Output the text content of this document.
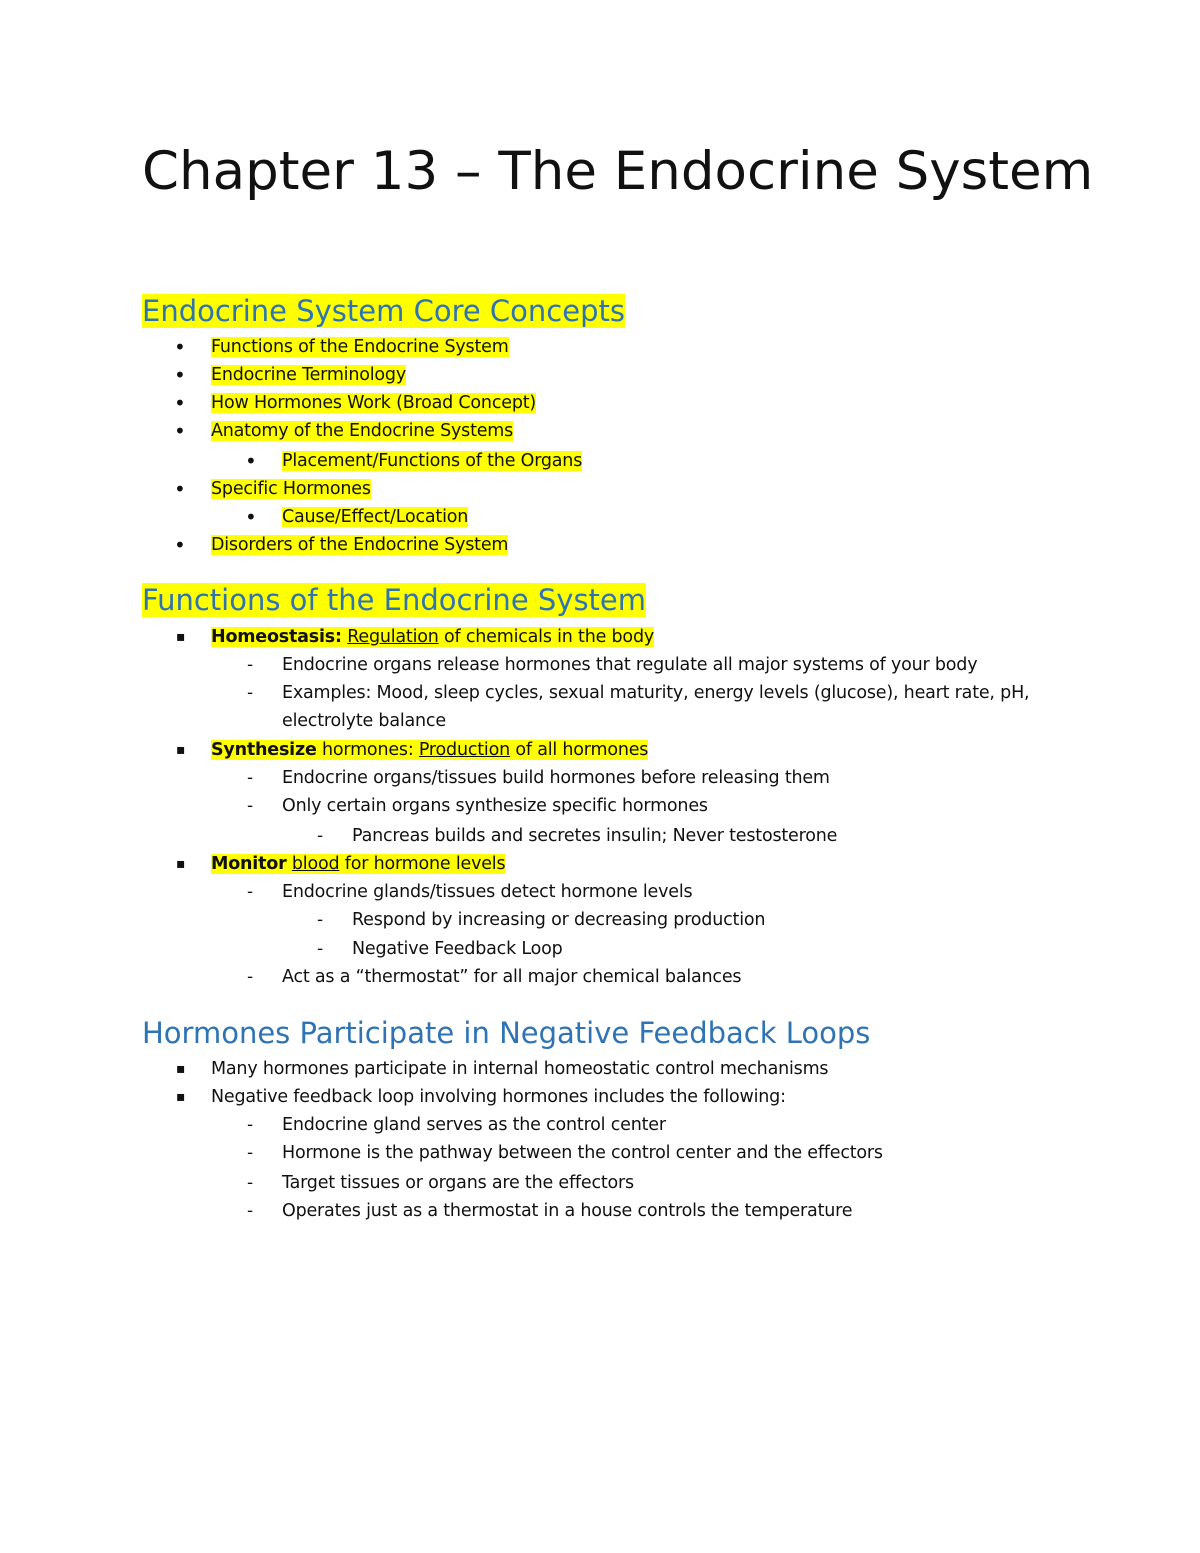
Chapter 13 – The Endocrine System
Endocrine System Core Concepts
• Functions of the Endocrine System
• Endocrine Terminology
• How Hormones Work (Broad Concept)
• Anatomy of the Endocrine Systems
• Placement/Functions of the Organs
• Specific Hormones
• Cause/Effect/Location
• Disorders of the Endocrine System
Functions of the Endocrine System
▪ Homeostasis: Regulation of chemicals in the body
- Endocrine organs release hormones that regulate all major systems of your body
- Examples: Mood, sleep cycles, sexual maturity, energy levels (glucose), heart rate, pH,
electrolyte balance
▪ Synthesize hormones: Production of all hormones
- Endocrine organs/tissues build hormones before releasing them
- Only certain organs synthesize specific hormones
- Pancreas builds and secretes insulin; Never testosterone
▪ Monitor blood for hormone levels
- Endocrine glands/tissues detect hormone levels
- Respond by increasing or decreasing production
- Negative Feedback Loop
- Act as a “thermostat” for all major chemical balances
Hormones Participate in Negative Feedback Loops
▪ Many hormones participate in internal homeostatic control mechanisms
▪ Negative feedback loop involving hormones includes the following:
- Endocrine gland serves as the control center
- Hormone is the pathway between the control center and the effectors
- Target tissues or organs are the effectors
- Operates just as a thermostat in a house controls the temperature
